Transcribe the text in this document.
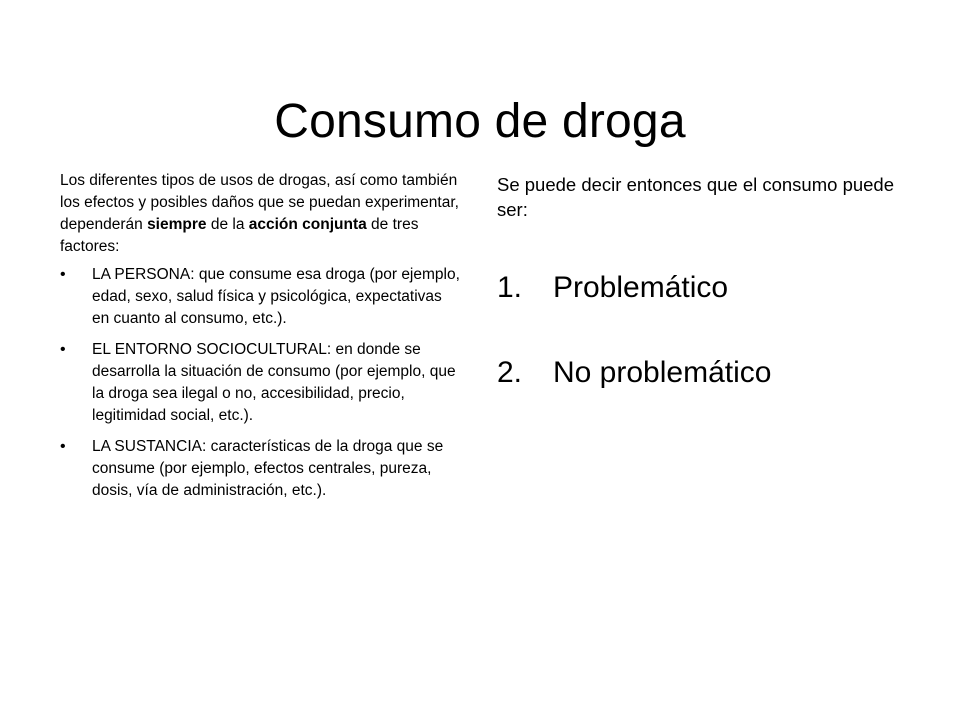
Consumo de droga

Los diferentes tipos de usos de drogas, así como también los efectos y posibles daños que se puedan experimentar, dependerán siempre de la acción conjunta de tres factores:

•	LA PERSONA: que consume esa droga (por ejemplo, edad, sexo, salud física y psicológica, expectativas en cuanto al consumo, etc.).
•	EL ENTORNO SOCIOCULTURAL: en donde se desarrolla la situación de consumo (por ejemplo, que la droga sea ilegal o no, accesibilidad, precio, legitimidad social, etc.).
•	LA SUSTANCIA: características de la droga que se consume (por ejemplo, efectos centrales, pureza, dosis, vía de administración, etc.).

Se puede decir entonces que el consumo puede ser:

1.	Problemático
2.	No problemático
